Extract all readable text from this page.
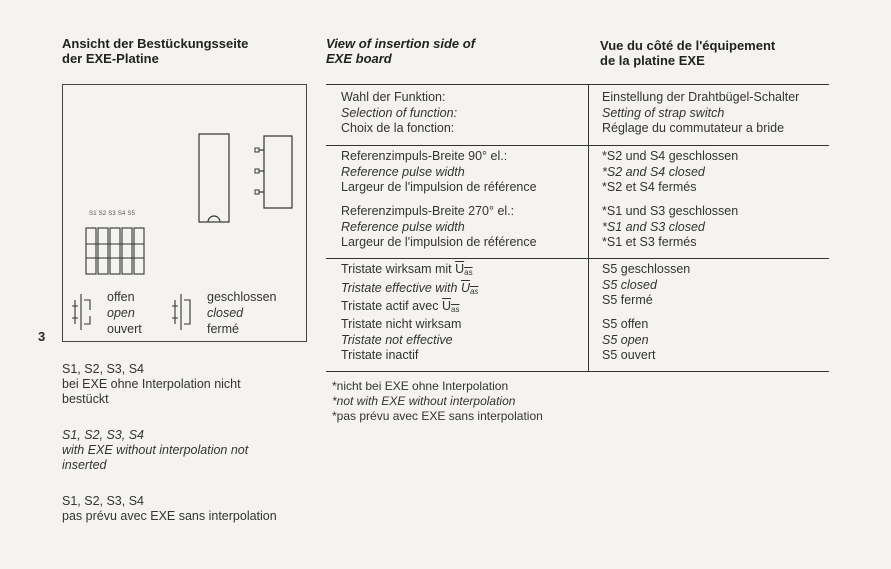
Ansicht der Bestückungsseite
der EXE-Platine
View of insertion side of
EXE board
Vue du côté de l'équipement
de la platine EXE
S1 S2 S3 S4 S5
offen
open
ouvert
geschlossen
closed
fermé
3
S1, S2, S3, S4
bei EXE ohne Interpolation nicht
bestückt
S1, S2, S3, S4
with EXE without interpolation not
inserted
S1, S2, S3, S4
pas prévu avec EXE sans interpolation
Wahl der Funktion:
Selection of function:
Choix de la fonction:
Einstellung der Drahtbügel-Schalter
Setting of strap switch
Réglage du commutateur a bride
Referenzimpuls-Breite 90° el.:
Reference pulse width
Largeur de l'impulsion de référence
*S2 und S4 geschlossen
*S2 and S4 closed
*S2 et S4 fermés
Referenzimpuls-Breite 270° el.:
Reference pulse width
Largeur de l'impulsion de référence
*S1 und S3 geschlossen
*S1 and S3 closed
*S1 et S3 fermés
Tristate wirksam mit $U_{as}$
Tristate effective with $U_{as}$
Tristate actif avec $U_{as}$
S5 geschlossen
S5 closed
S5 fermé
Tristate nicht wirksam
Tristate not effective
Tristate inactif
S5 offen
S5 open
S5 ouvert
*nicht bei EXE ohne Interpolation
*not with EXE without interpolation
*pas prévu avec EXE sans interpolation
